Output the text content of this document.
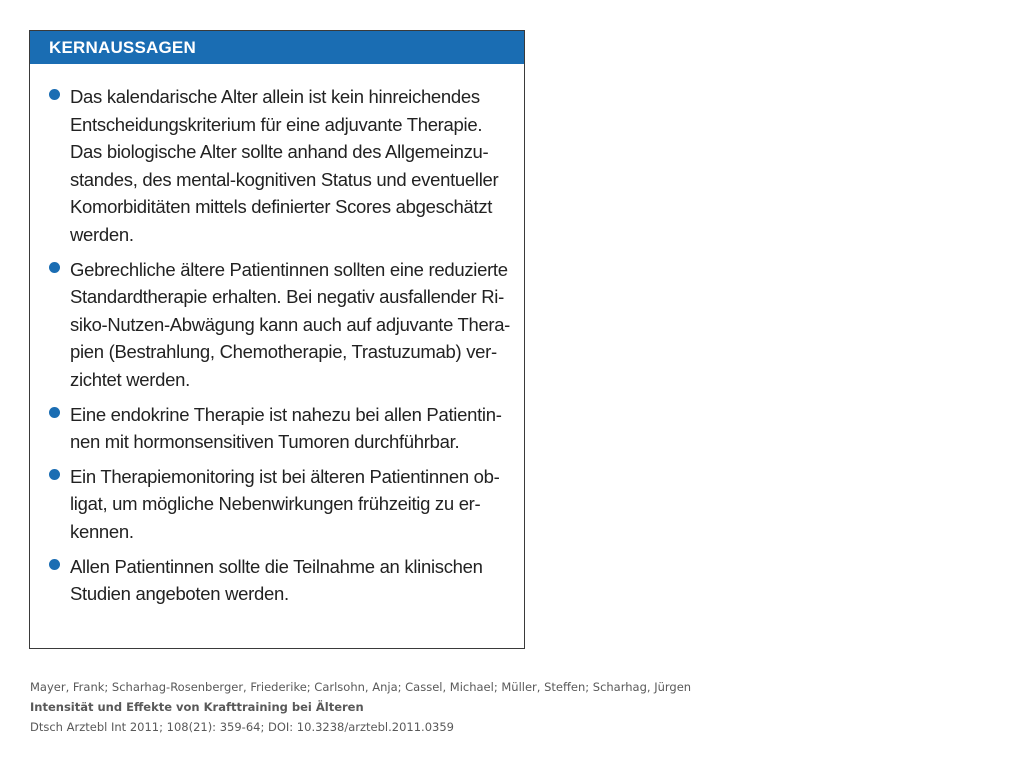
KERNAUSSAGEN
Das kalendarische Alter allein ist kein hinreichendes
Entscheidungskriterium für eine adjuvante Therapie.
Das biologische Alter sollte anhand des Allgemeinzu-
standes, des mental-kognitiven Status und eventueller
Komorbiditäten mittels definierter Scores abgeschätzt
werden.
Gebrechliche ältere Patientinnen sollten eine reduzierte
Standardtherapie erhalten. Bei negativ ausfallender Ri-
siko-Nutzen-Abwägung kann auch auf adjuvante Thera-
pien (Bestrahlung, Chemotherapie, Trastuzumab) ver-
zichtet werden.
Eine endokrine Therapie ist nahezu bei allen Patientin-
nen mit hormonsensitiven Tumoren durchführbar.
Ein Therapiemonitoring ist bei älteren Patientinnen ob-
ligat, um mögliche Nebenwirkungen frühzeitig zu er-
kennen.
Allen Patientinnen sollte die Teilnahme an klinischen
Studien angeboten werden.
Mayer, Frank; Scharhag-Rosenberger, Friederike; Carlsohn, Anja; Cassel, Michael; Müller, Steffen; Scharhag, Jürgen
Intensität und Effekte von Krafttraining bei Älteren
Dtsch Arztebl Int 2011; 108(21): 359-64; DOI: 10.3238/arztebl.2011.0359
